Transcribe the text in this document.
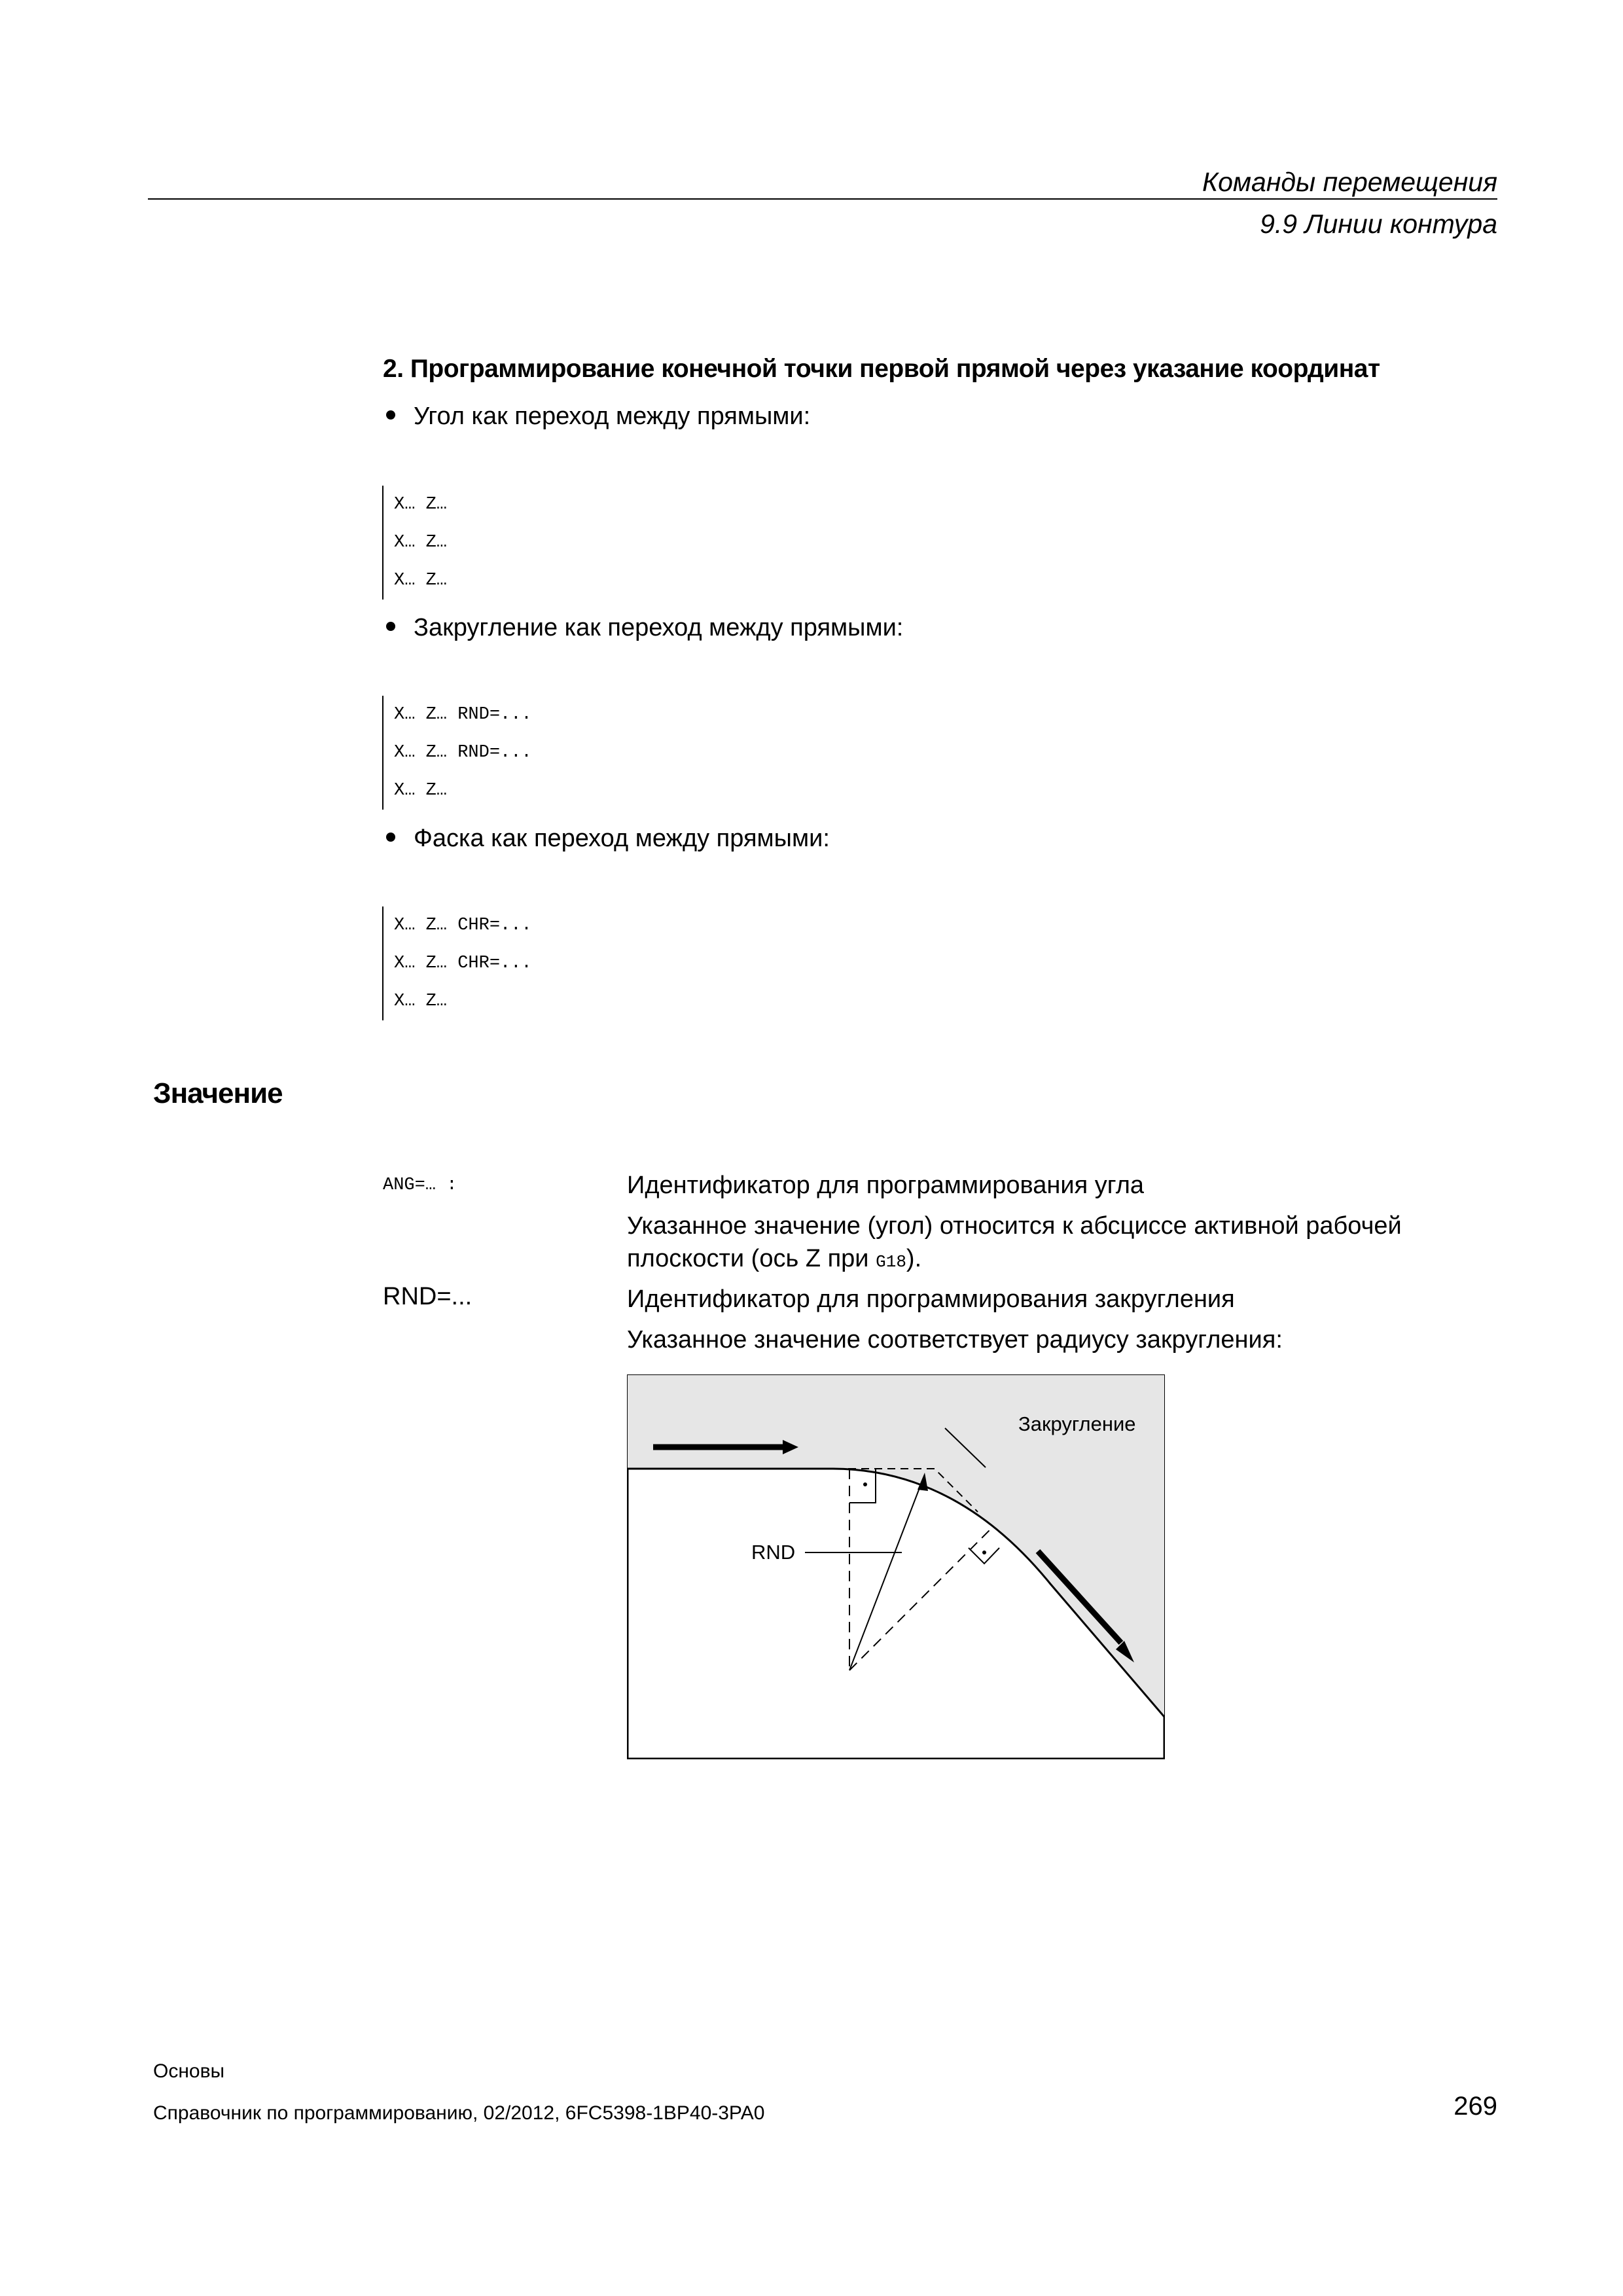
Команды перемещения
9.9 Линии контура
2. Программирование конечной точки первой прямой через указание координат
Угол как переход между прямыми:
X… Z…
X… Z…
X… Z…
Закругление как переход между прямыми:
X… Z… RND=...
X… Z… RND=...
X… Z…
Фаска как переход между прямыми:
X… Z… CHR=...
X… Z… CHR=...
X… Z…
Значение
ANG=… :	Идентификатор для программирования угла
Указанное значение (угол) относится к абсциссе активной рабочей плоскости (ось Z при G18).
RND=...	Идентификатор для программирования закругления
Указанное значение соответствует радиусу закругления:
Закругление
RND
Основы
Справочник по программированию, 02/2012, 6FC5398-1BP40-3PA0	269
